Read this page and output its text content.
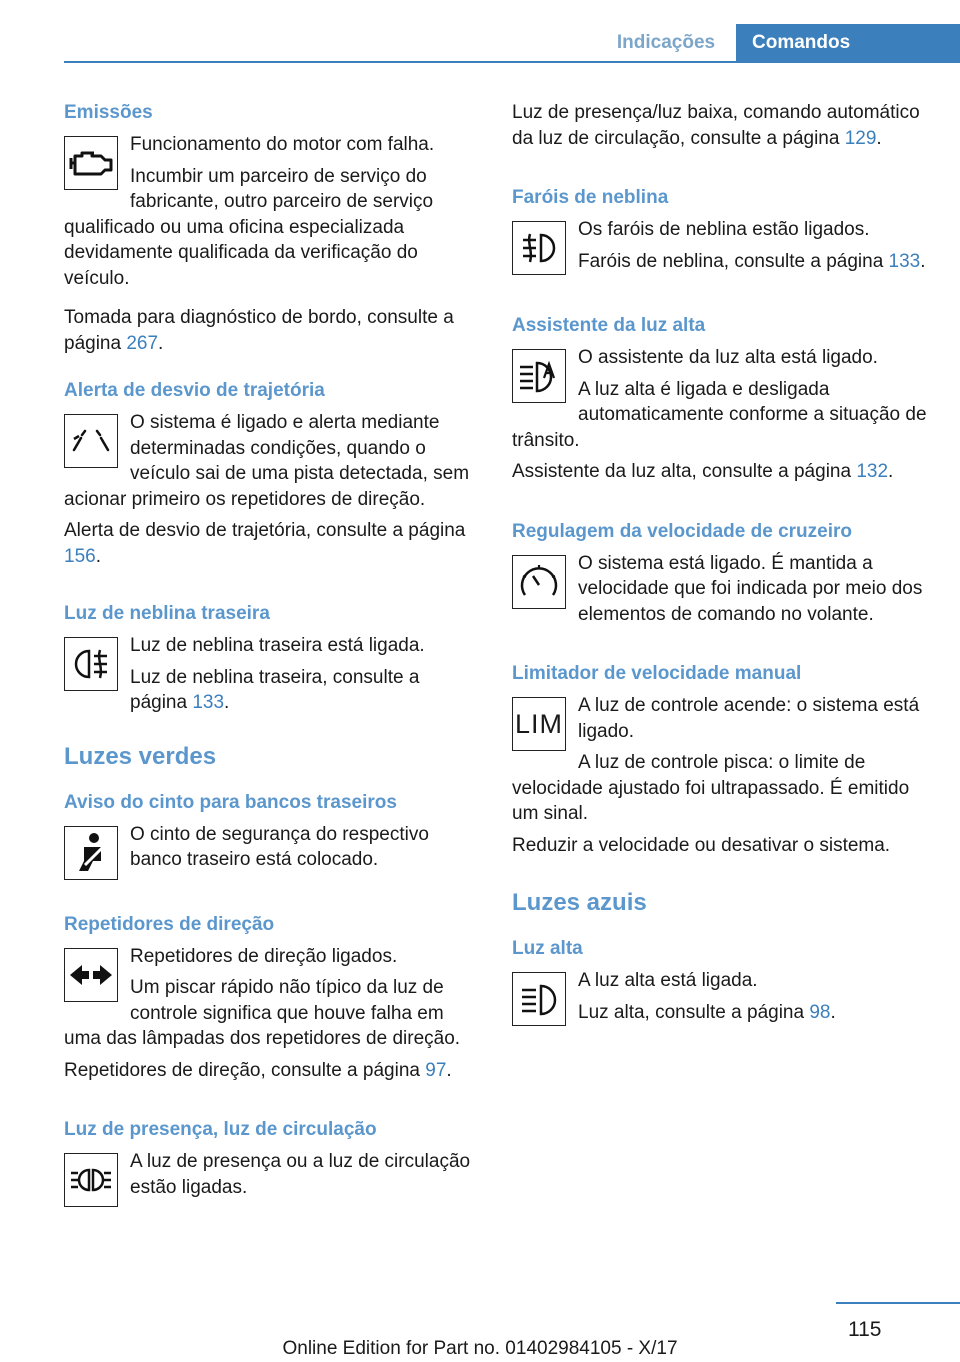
Indicações	Comandos

Emissões

Funcionamento do motor com falha.

Incumbir um parceiro de serviço do fabricante, outro parceiro de serviço qualificado ou uma oficina especializada devidamente qualificada da verificação do veículo.

Tomada para diagnóstico de bordo, consulte a página 267.

Alerta de desvio de trajetória

O sistema é ligado e alerta mediante determinadas condições, quando o veículo sai de uma pista detectada, sem acionar primeiro os repetidores de direção.

Alerta de desvio de trajetória, consulte a página 156.

Luz de neblina traseira

Luz de neblina traseira está ligada.

Luz de neblina traseira, consulte a página 133.

Luzes verdes

Aviso do cinto para bancos traseiros

O cinto de segurança do respectivo banco traseiro está colocado.

Repetidores de direção

Repetidores de direção ligados.

Um piscar rápido não típico da luz de controle significa que houve falha em uma das lâmpadas dos repetidores de direção.

Repetidores de direção, consulte a página 97.

Luz de presença, luz de circulação

A luz de presença ou a luz de circulação estão ligadas.

Luz de presença/luz baixa, comando automático da luz de circulação, consulte a página 129.

Faróis de neblina

Os faróis de neblina estão ligados.

Faróis de neblina, consulte a página 133.

Assistente da luz alta

O assistente da luz alta está ligado.

A luz alta é ligada e desligada automaticamente conforme a situação de trânsito.

Assistente da luz alta, consulte a página 132.

Regulagem da velocidade de cruzeiro

O sistema está ligado. É mantida a velocidade que foi indicada por meio dos elementos de comando no volante.

Limitador de velocidade manual

LIM

A luz de controle acende: o sistema está ligado.

A luz de controle pisca: o limite de velocidade ajustado foi ultrapassado. É emitido um sinal.

Reduzir a velocidade ou desativar o sistema.

Luzes azuis

Luz alta

A luz alta está ligada.

Luz alta, consulte a página 98.

115
Online Edition for Part no. 01402984105 - X/17
